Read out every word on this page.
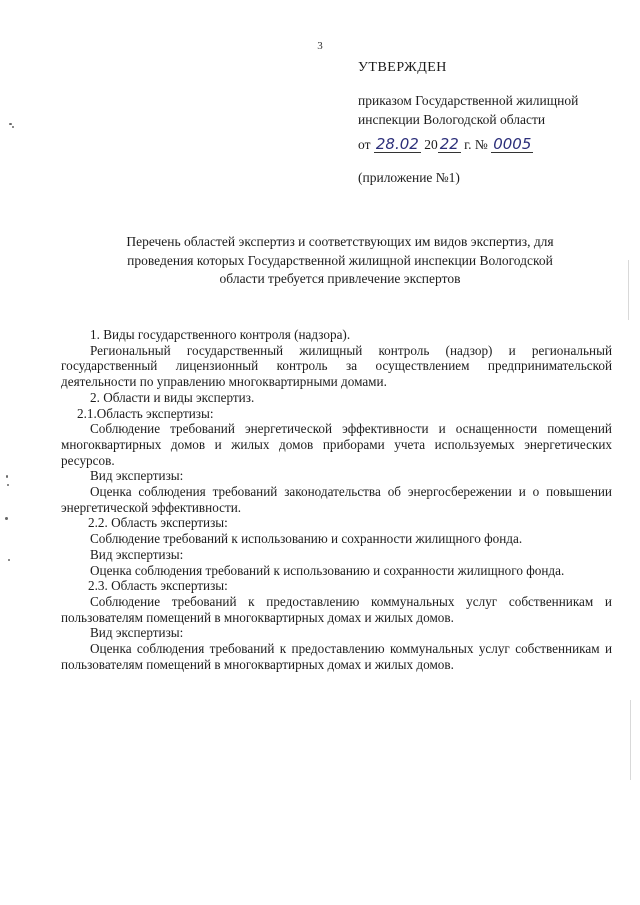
3
УТВЕРЖДЕН
приказом Государственной жилищной
инспекции Вологодской области
от 28.02 20 22 г. № 0005
(приложение №1)
Перечень областей экспертиз и соответствующих им видов экспертиз, для
проведения которых Государственной жилищной инспекции Вологодской
области требуется привлечение экспертов

1. Виды государственного контроля (надзора).

Региональный государственный жилищный контроль (надзор) и региональный государственный лицензионный контроль за осуществлением предпринимательской деятельности по управлению многоквартирными домами.

2. Области и виды экспертиз.

2.1.Область экспертизы:

Соблюдение требований энергетической эффективности и оснащенности помещений многоквартирных домов и жилых домов приборами учета используемых энергетических ресурсов.

Вид экспертизы:

Оценка соблюдения требований законодательства об энергосбережении и о повышении энергетической эффективности.

2.2. Область экспертизы:

Соблюдение требований к использованию и сохранности жилищного фонда.

Вид экспертизы:

Оценка соблюдения требований к использованию и сохранности жилищного фонда.

2.3. Область экспертизы:

Соблюдение требований к предоставлению коммунальных услуг собственникам и пользователям помещений в многоквартирных домах и жилых домов.

Вид экспертизы:

Оценка соблюдения требований к предоставлению коммунальных услуг собственникам и пользователям помещений в многоквартирных домах и жилых домов.
